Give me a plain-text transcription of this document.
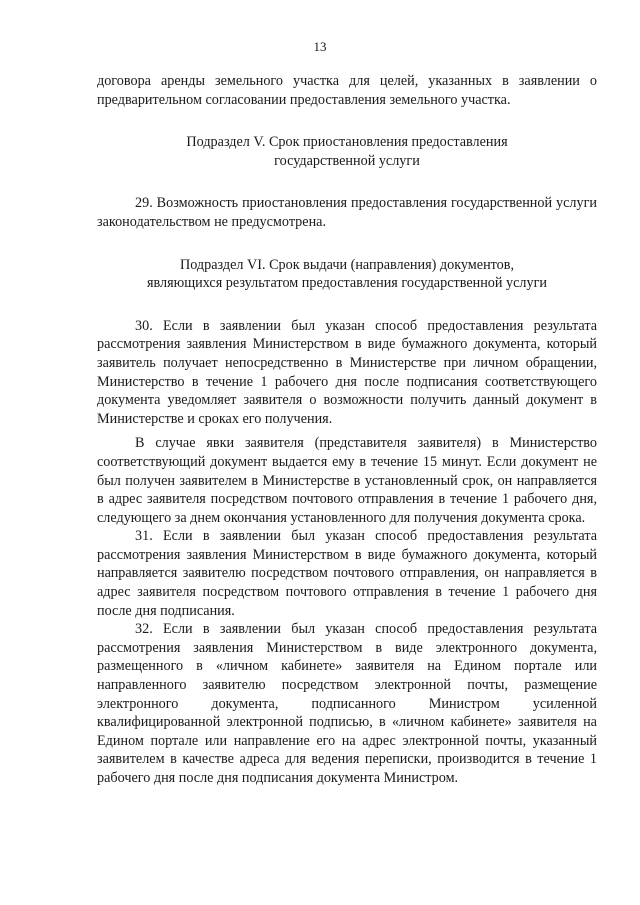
13

договора аренды земельного участка для целей, указанных в заявлении о предварительном согласовании предоставления земельного участка.

Подраздел V. Срок приостановления предоставления
государственной услуги

29. Возможность приостановления предоставления государственной услуги законодательством не предусмотрена.

Подраздел VI. Срок выдачи (направления) документов,
являющихся результатом предоставления государственной услуги

30. Если в заявлении был указан способ предоставления результата рассмотрения заявления Министерством в виде бумажного документа, который заявитель получает непосредственно в Министерстве при личном обращении, Министерство в течение 1 рабочего дня после подписания соответствующего документа уведомляет заявителя о возможности получить данный документ в Министерстве и сроках его получения.

В случае явки заявителя (представителя заявителя) в Министерство соответствующий документ выдается ему в течение 15 минут. Если документ не был получен заявителем в Министерстве в установленный срок, он направляется в адрес заявителя посредством почтового отправления в течение 1 рабочего дня, следующего за днем окончания установленного для получения документа срока.

31. Если в заявлении был указан способ предоставления результата рассмотрения заявления Министерством в виде бумажного документа, который направляется заявителю посредством почтового отправления, он направляется в адрес заявителя посредством почтового отправления в течение 1 рабочего дня после дня подписания.

32. Если в заявлении был указан способ предоставления результата рассмотрения заявления Министерством в виде электронного документа, размещенного в «личном кабинете» заявителя на Едином портале или направленного заявителю посредством электронной почты, размещение электронного документа, подписанного Министром усиленной квалифицированной электронной подписью, в «личном кабинете» заявителя на Едином портале или направление его на адрес электронной почты, указанный заявителем в качестве адреса для ведения переписки, производится в течение 1 рабочего дня после дня подписания документа Министром.
